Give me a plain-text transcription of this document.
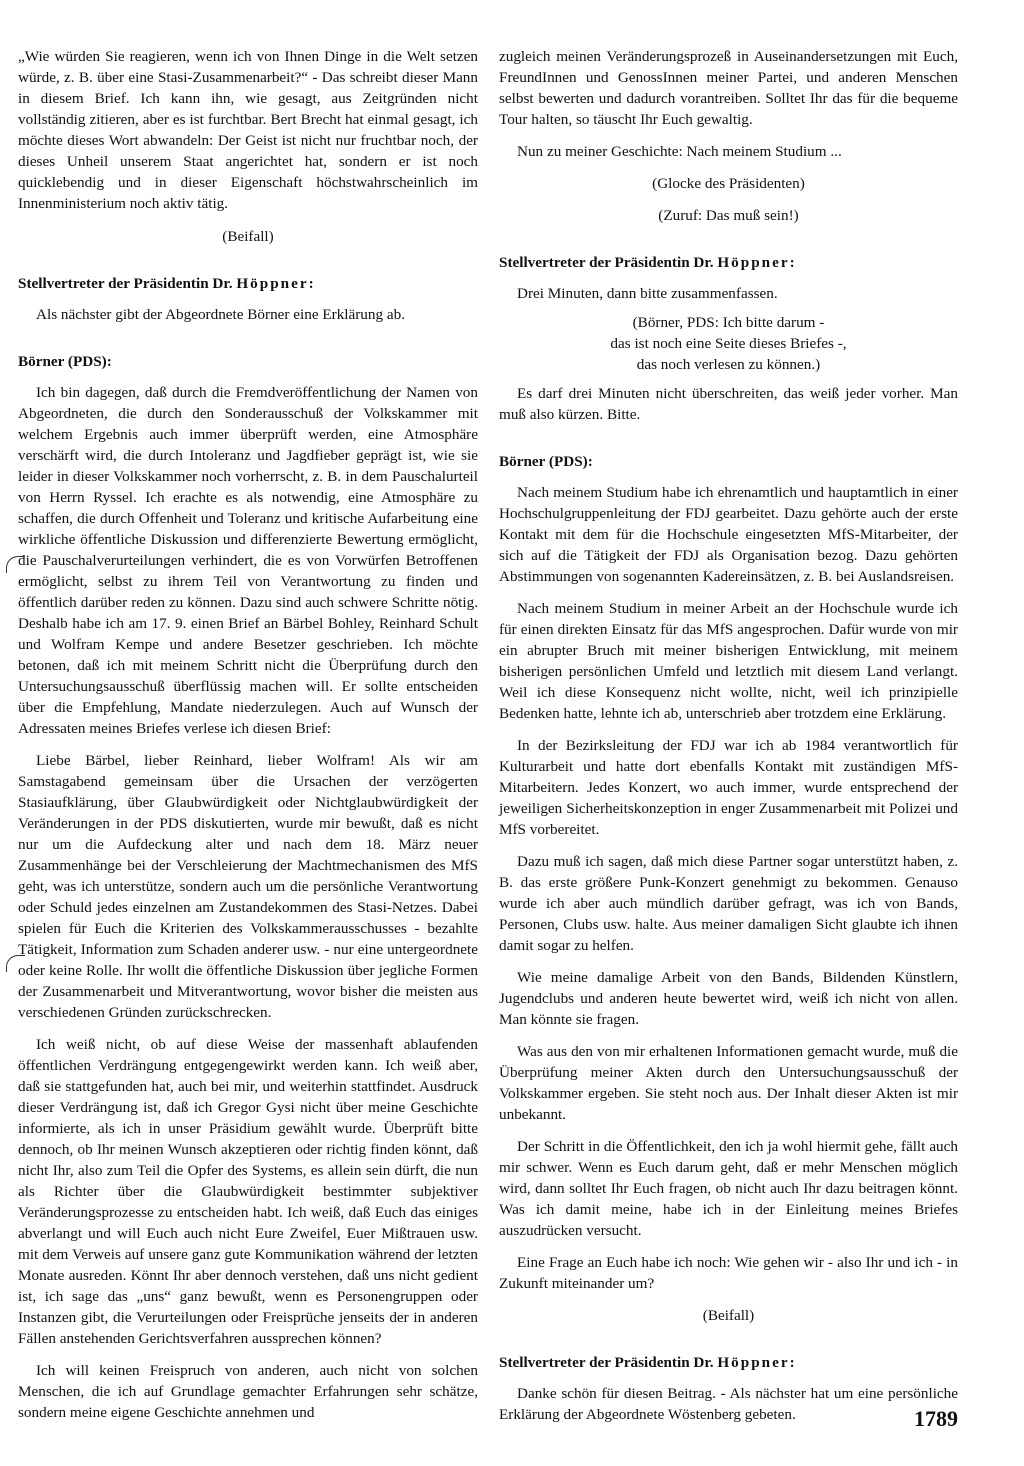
„Wie würden Sie reagieren, wenn ich von Ihnen Dinge in die Welt setzen würde, z. B. über eine Stasi-Zusammenarbeit?“ - Das schreibt dieser Mann in diesem Brief. Ich kann ihn, wie gesagt, aus Zeitgründen nicht vollständig zitieren, aber es ist furchtbar. Bert Brecht hat einmal gesagt, ich möchte dieses Wort abwandeln: Der Geist ist nicht nur fruchtbar noch, der dieses Unheil unserem Staat angerichtet hat, sondern er ist noch quicklebendig und in dieser Eigenschaft höchstwahrscheinlich im Innenministerium noch aktiv tätig.

(Beifall)

Stellvertreter der Präsidentin Dr. Höppner:

Als nächster gibt der Abgeordnete Börner eine Erklärung ab.

Börner (PDS):

Ich bin dagegen, daß durch die Fremdveröffentlichung der Namen von Abgeordneten, die durch den Sonderausschuß der Volkskammer mit welchem Ergebnis auch immer überprüft werden, eine Atmosphäre verschärft wird, die durch Intoleranz und Jagdfieber geprägt ist, wie sie leider in dieser Volkskammer noch vorherrscht, z. B. in dem Pauschalurteil von Herrn Ryssel. Ich erachte es als notwendig, eine Atmosphäre zu schaffen, die durch Offenheit und Toleranz und kritische Aufarbeitung eine wirkliche öffentliche Diskussion und differenzierte Bewertung ermöglicht, die Pauschalverurteilungen verhindert, die es von Vorwürfen Betroffenen ermöglicht, selbst zu ihrem Teil von Verantwortung zu finden und öffentlich darüber reden zu können. Dazu sind auch schwere Schritte nötig. Deshalb habe ich am 17. 9. einen Brief an Bärbel Bohley, Reinhard Schult und Wolfram Kempe und andere Besetzer geschrieben. Ich möchte betonen, daß ich mit meinem Schritt nicht die Überprüfung durch den Untersuchungsausschuß überflüssig machen will. Er sollte entscheiden über die Empfehlung, Mandate niederzulegen. Auch auf Wunsch der Adressaten meines Briefes verlese ich diesen Brief:

Liebe Bärbel, lieber Reinhard, lieber Wolfram! Als wir am Samstagabend gemeinsam über die Ursachen der verzögerten Stasiaufklärung, über Glaubwürdigkeit oder Nichtglaubwürdigkeit der Veränderungen in der PDS diskutierten, wurde mir bewußt, daß es nicht nur um die Aufdeckung alter und nach dem 18. März neuer Zusammenhänge bei der Verschleierung der Machtmechanismen des MfS geht, was ich unterstütze, sondern auch um die persönliche Verantwortung oder Schuld jedes einzelnen am Zustandekommen des Stasi-Netzes. Dabei spielen für Euch die Kriterien des Volkskammerausschusses - bezahlte Tätigkeit, Information zum Schaden anderer usw. - nur eine untergeordnete oder keine Rolle. Ihr wollt die öffentliche Diskussion über jegliche Formen der Zusammenarbeit und Mitverantwortung, wovor bisher die meisten aus verschiedenen Gründen zurückschrecken.

Ich weiß nicht, ob auf diese Weise der massenhaft ablaufenden öffentlichen Verdrängung entgegengewirkt werden kann. Ich weiß aber, daß sie stattgefunden hat, auch bei mir, und weiterhin stattfindet. Ausdruck dieser Verdrängung ist, daß ich Gregor Gysi nicht über meine Geschichte informierte, als ich in unser Präsidium gewählt wurde. Überprüft bitte dennoch, ob Ihr meinen Wunsch akzeptieren oder richtig finden könnt, daß nicht Ihr, also zum Teil die Opfer des Systems, es allein sein dürft, die nun als Richter über die Glaubwürdigkeit bestimmter subjektiver Veränderungsprozesse zu entscheiden habt. Ich weiß, daß Euch das einiges abverlangt und will Euch auch nicht Eure Zweifel, Euer Mißtrauen usw. mit dem Verweis auf unsere ganz gute Kommunikation während der letzten Monate ausreden. Könnt Ihr aber dennoch verstehen, daß uns nicht gedient ist, ich sage das „uns“ ganz bewußt, wenn es Personengruppen oder Instanzen gibt, die Verurteilungen oder Freisprüche jenseits der in anderen Fällen anstehenden Gerichtsverfahren aussprechen können?

Ich will keinen Freispruch von anderen, auch nicht von solchen Menschen, die ich auf Grundlage gemachter Erfahrungen sehr schätze, sondern meine eigene Geschichte annehmen und

zugleich meinen Veränderungsprozeß in Auseinandersetzungen mit Euch, FreundInnen und GenossInnen meiner Partei, und anderen Menschen selbst bewerten und dadurch vorantreiben. Solltet Ihr das für die bequeme Tour halten, so täuscht Ihr Euch gewaltig.

Nun zu meiner Geschichte: Nach meinem Studium ...

(Glocke des Präsidenten)

(Zuruf: Das muß sein!)

Stellvertreter der Präsidentin Dr. Höppner:

Drei Minuten, dann bitte zusammenfassen.

(Börner, PDS: Ich bitte darum -

das ist noch eine Seite dieses Briefes -,

das noch verlesen zu können.)

Es darf drei Minuten nicht überschreiten, das weiß jeder vorher. Man muß also kürzen. Bitte.

Börner (PDS):

Nach meinem Studium habe ich ehrenamtlich und hauptamtlich in einer Hochschulgruppenleitung der FDJ gearbeitet. Dazu gehörte auch der erste Kontakt mit dem für die Hochschule eingesetzten MfS-Mitarbeiter, der sich auf die Tätigkeit der FDJ als Organisation bezog. Dazu gehörten Abstimmungen von sogenannten Kadereinsätzen, z. B. bei Auslandsreisen.

Nach meinem Studium in meiner Arbeit an der Hochschule wurde ich für einen direkten Einsatz für das MfS angesprochen. Dafür wurde von mir ein abrupter Bruch mit meiner bisherigen Entwicklung, mit meinem bisherigen persönlichen Umfeld und letztlich mit diesem Land verlangt. Weil ich diese Konsequenz nicht wollte, nicht, weil ich prinzipielle Bedenken hatte, lehnte ich ab, unterschrieb aber trotzdem eine Erklärung.

In der Bezirksleitung der FDJ war ich ab 1984 verantwortlich für Kulturarbeit und hatte dort ebenfalls Kontakt mit zuständigen MfS-Mitarbeitern. Jedes Konzert, wo auch immer, wurde entsprechend der jeweiligen Sicherheitskonzeption in enger Zusammenarbeit mit Polizei und MfS vorbereitet.

Dazu muß ich sagen, daß mich diese Partner sogar unterstützt haben, z. B. das erste größere Punk-Konzert genehmigt zu bekommen. Genauso wurde ich aber auch mündlich darüber gefragt, was ich von Bands, Personen, Clubs usw. halte. Aus meiner damaligen Sicht glaubte ich ihnen damit sogar zu helfen.

Wie meine damalige Arbeit von den Bands, Bildenden Künstlern, Jugendclubs und anderen heute bewertet wird, weiß ich nicht von allen. Man könnte sie fragen.

Was aus den von mir erhaltenen Informationen gemacht wurde, muß die Überprüfung meiner Akten durch den Untersuchungsausschuß der Volkskammer ergeben. Sie steht noch aus. Der Inhalt dieser Akten ist mir unbekannt.

Der Schritt in die Öffentlichkeit, den ich ja wohl hiermit gehe, fällt auch mir schwer. Wenn es Euch darum geht, daß er mehr Menschen möglich wird, dann solltet Ihr Euch fragen, ob nicht auch Ihr dazu beitragen könnt. Was ich damit meine, habe ich in der Einleitung meines Briefes auszudrücken versucht.

Eine Frage an Euch habe ich noch: Wie gehen wir - also Ihr und ich - in Zukunft miteinander um?

(Beifall)

Stellvertreter der Präsidentin Dr. Höppner:

Danke schön für diesen Beitrag. - Als nächster hat um eine persönliche Erklärung der Abgeordnete Wöstenberg gebeten.	1789
